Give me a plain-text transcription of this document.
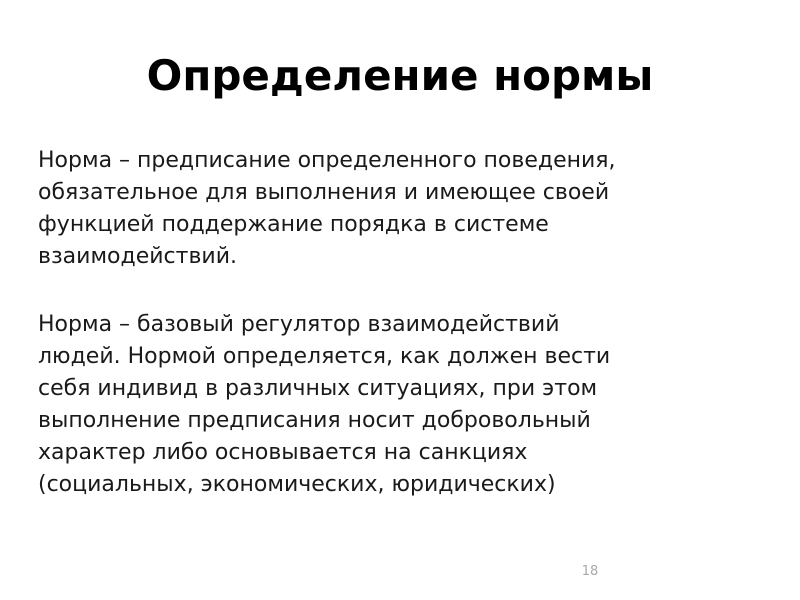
Определение нормы

Норма – предписание определенного поведения,
обязательное для выполнения и имеющее своей
функцией поддержание порядка в системе
взаимодействий.

Норма – базовый регулятор взаимодействий
людей. Нормой определяется, как должен вести
себя индивид в различных ситуациях, при этом
выполнение предписания носит добровольный
характер либо основывается на санкциях
(социальных, экономических, юридических)

18
